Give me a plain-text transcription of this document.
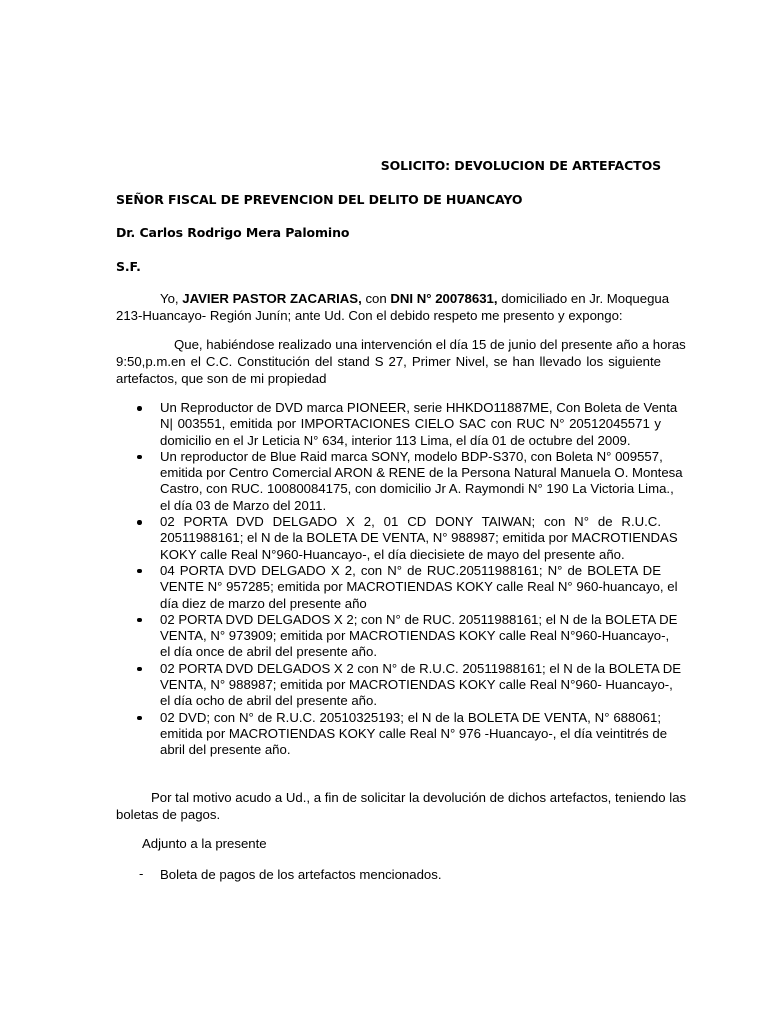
SOLICITO: DEVOLUCION DE ARTEFACTOS
SEÑOR FISCAL DE PREVENCION DEL DELITO DE HUANCAYO
Dr. Carlos Rodrigo Mera Palomino
S.F.
Yo, JAVIER PASTOR ZACARIAS, con DNI N° 20078631, domiciliado en Jr. Moquegua
213-Huancayo- Región Junín; ante Ud. Con el debido respeto me presento y expongo:
Que, habiéndose realizado una intervención el día 15 de junio del presente año a horas
9:50,p.m.en el C.C. Constitución del stand S 27, Primer Nivel, se han llevado los siguiente
artefactos, que son de mi propiedad
Un Reproductor de DVD marca PIONEER, serie HHKDO11887ME, Con Boleta de Venta
N| 003551, emitida por IMPORTACIONES CIELO SAC con RUC N° 20512045571 y
domicilio en el Jr Leticia N° 634, interior 113 Lima, el día 01 de octubre del 2009.
Un reproductor de Blue Raid marca SONY, modelo BDP-S370, con Boleta N° 009557,
emitida por Centro Comercial ARON & RENE de la Persona Natural Manuela O. Montesa
Castro, con RUC. 10080084175, con domicilio Jr A. Raymondi N° 190 La Victoria Lima.,
el día 03 de Marzo del 2011.
02 PORTA DVD DELGADO X 2, 01 CD DONY TAIWAN; con N° de R.U.C.
20511988161; el N de la BOLETA DE VENTA, N° 988987; emitida por MACROTIENDAS
KOKY calle Real N°960-Huancayo-, el día diecisiete de mayo del presente año.
04 PORTA DVD DELGADO X 2, con N° de RUC.20511988161; N° de BOLETA DE
VENTE N° 957285; emitida por MACROTIENDAS KOKY calle Real N° 960-huancayo, el
día diez de marzo del presente año
02 PORTA DVD DELGADOS X 2; con N° de RUC. 20511988161; el N de la BOLETA DE
VENTA, N° 973909; emitida por MACROTIENDAS KOKY calle Real N°960-Huancayo-,
el día once de abril del presente año.
02 PORTA DVD DELGADOS X 2 con N° de R.U.C. 20511988161; el N de la BOLETA DE
VENTA, N° 988987; emitida por MACROTIENDAS KOKY calle Real N°960- Huancayo-,
el día ocho de abril del presente año.
02 DVD; con N° de R.U.C. 20510325193; el N de la BOLETA DE VENTA, N° 688061;
emitida por MACROTIENDAS KOKY calle Real N° 976 -Huancayo-, el día veintitrés de
abril del presente año.
Por tal motivo acudo a Ud., a fin de solicitar la devolución de dichos artefactos, teniendo las
boletas de pagos.
Adjunto a la presente
- Boleta de pagos de los artefactos mencionados.
